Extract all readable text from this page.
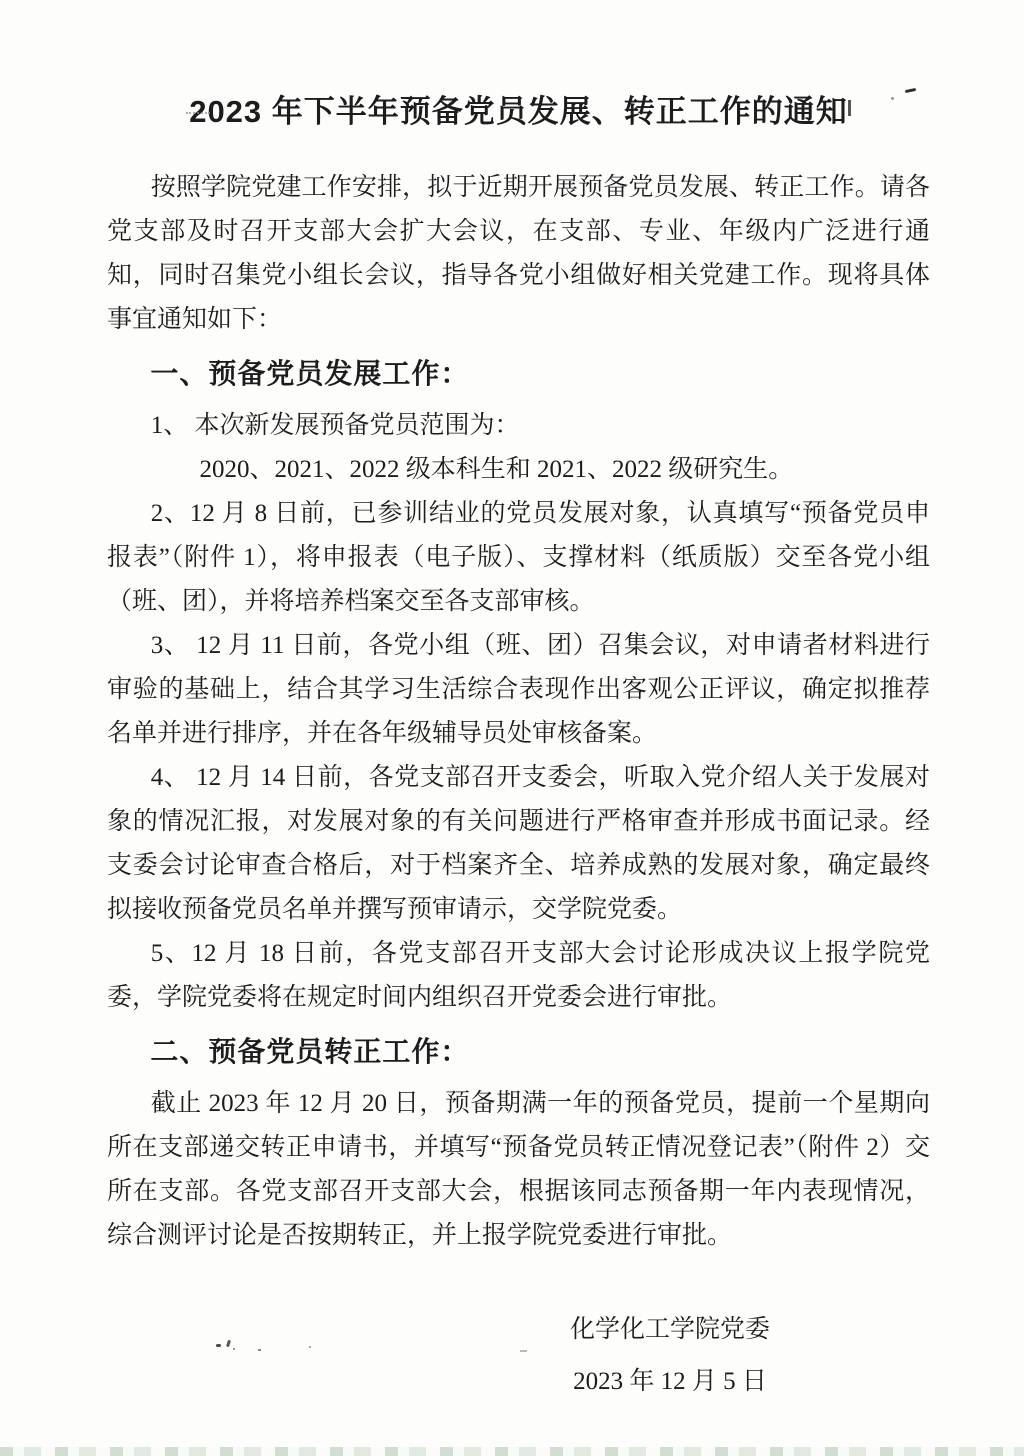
2023 年下半年预备党员发展、转正工作的通知

按照学院党建工作安排，拟于近期开展预备党员发展、转正工作。请各党支部及时召开支部大会扩大会议，在支部、专业、年级内广泛进行通知，同时召集党小组长会议，指导各党小组做好相关党建工作。现将具体事宜通知如下：

一、预备党员发展工作：

1、 本次新发展预备党员范围为：

2020、2021、2022 级本科生和 2021、2022 级研究生。

2、12 月 8 日前，已参训结业的党员发展对象，认真填写“预备党员申报表”（附件 1），将申报表（电子版）、支撑材料（纸质版）交至各党小组（班、团），并将培养档案交至各支部审核。

3、 12 月 11 日前，各党小组（班、团）召集会议，对申请者材料进行审验的基础上，结合其学习生活综合表现作出客观公正评议，确定拟推荐名单并进行排序，并在各年级辅导员处审核备案。

4、 12 月 14 日前，各党支部召开支委会，听取入党介绍人关于发展对象的情况汇报，对发展对象的有关问题进行严格审查并形成书面记录。经支委会讨论审查合格后，对于档案齐全、培养成熟的发展对象，确定最终拟接收预备党员名单并撰写预审请示，交学院党委。

5、12 月 18 日前，各党支部召开支部大会讨论形成决议上报学院党委，学院党委将在规定时间内组织召开党委会进行审批。

二、预备党员转正工作：

截止 2023 年 12 月 20 日，预备期满一年的预备党员，提前一个星期向所在支部递交转正申请书，并填写“预备党员转正情况登记表”（附件 2）交所在支部。各党支部召开支部大会，根据该同志预备期一年内表现情况，综合测评讨论是否按期转正，并上报学院党委进行审批。

化学化工学院党委

2023 年 12 月 5 日
